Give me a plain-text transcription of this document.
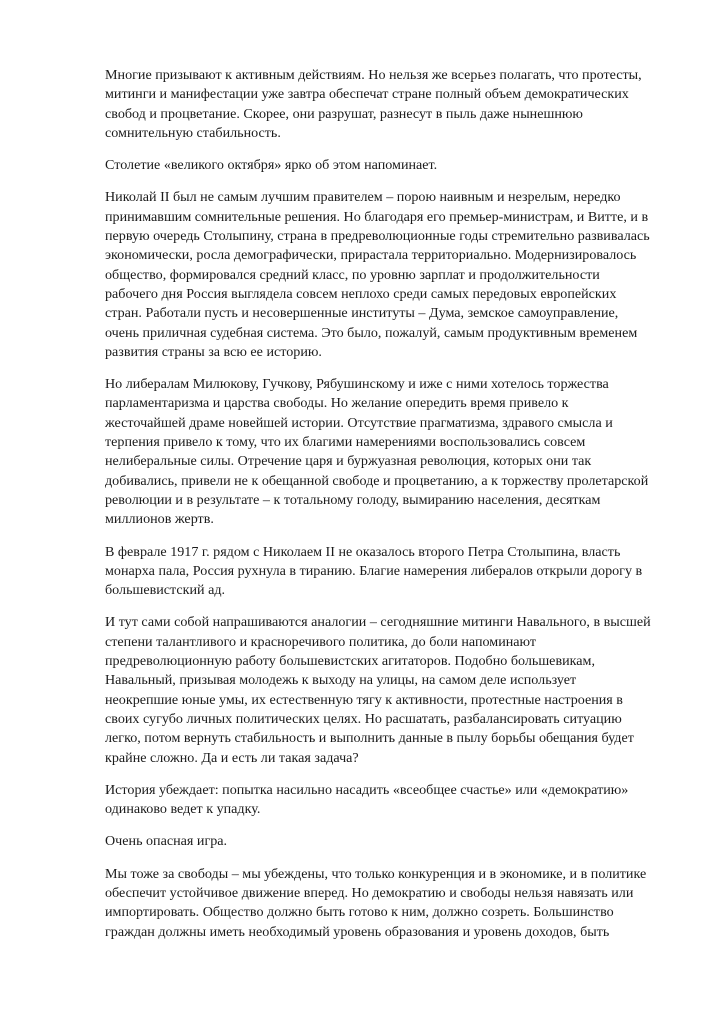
Многие призывают к активным действиям. Но нельзя же всерьез полагать, что протесты,
митинги и манифестации уже завтра обеспечат стране полный объем демократических
свобод и процветание. Скорее, они разрушат, разнесут в пыль даже нынешнюю
сомнительную стабильность.

Столетие «великого октября» ярко об этом напоминает.

Николай II был не самым лучшим правителем – порою наивным и незрелым, нередко
принимавшим сомнительные решения. Но благодаря его премьер-министрам, и Витте, и в
первую очередь Столыпину, страна в предреволюционные годы стремительно развивалась
экономически, росла демографически, прирастала территориально. Модернизировалось
общество, формировался средний класс, по уровню зарплат и продолжительности
рабочего дня Россия выглядела совсем неплохо среди самых передовых европейских
стран. Работали пусть и несовершенные институты – Дума, земское самоуправление,
очень приличная судебная система. Это было, пожалуй, самым продуктивным временем
развития страны за всю ее историю.

Но либералам Милюкову, Гучкову, Рябушинскому и иже с ними хотелось торжества
парламентаризма и царства свободы. Но желание опередить время привело к
жесточайшей драме новейшей истории. Отсутствие прагматизма, здравого смысла и
терпения привело к тому, что их благими намерениями воспользовались совсем
нелиберальные силы. Отречение царя и буржуазная революция, которых они так
добивались, привели не к обещанной свободе и процветанию, а к торжеству пролетарской
революции и в результате – к тотальному голоду, вымиранию населения, десяткам
миллионов жертв.

В феврале 1917 г. рядом с Николаем II не оказалось второго Петра Столыпина, власть
монарха пала, Россия рухнула в тиранию. Благие намерения либералов открыли дорогу в
большевистский ад.

И тут сами собой напрашиваются аналогии – сегодняшние митинги Навального, в высшей
степени талантливого и красноречивого политика, до боли напоминают
предреволюционную работу большевистских агитаторов. Подобно большевикам,
Навальный, призывая молодежь к выходу на улицы, на самом деле использует
неокрепшие юные умы, их естественную тягу к активности, протестные настроения в
своих сугубо личных политических целях. Но расшатать, разбалансировать ситуацию
легко, потом вернуть стабильность и выполнить данные в пылу борьбы обещания будет
крайне сложно. Да и есть ли такая задача?

История убеждает: попытка насильно насадить «всеобщее счастье» или «демократию»
одинаково ведет к упадку.

Очень опасная игра.

Мы тоже за свободы – мы убеждены, что только конкуренция и в экономике, и в политике
обеспечит устойчивое движение вперед. Но демократию и свободы нельзя навязать или
импортировать. Общество должно быть готово к ним, должно созреть. Большинство
граждан должны иметь необходимый уровень образования и уровень доходов, быть
